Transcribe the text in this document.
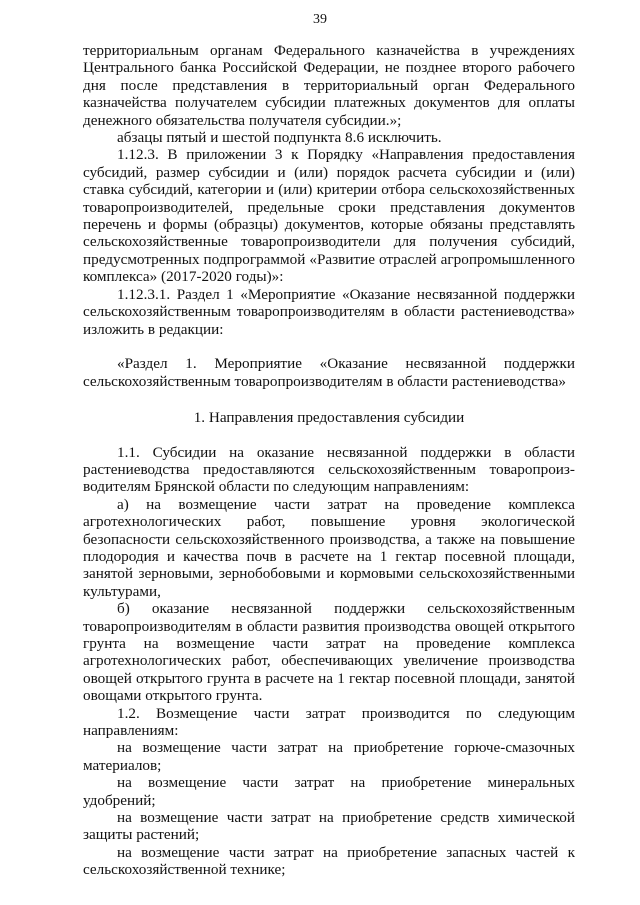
39

территориальным органам Федерального казначейства в учреждениях Центрального банка Российской Федерации, не позднее второго рабочего дня после представления в территориальный орган Федерального казначейства получателем субсидии платежных документов для оплаты денежного обязательства получателя субсидии.»;

абзацы пятый и шестой подпункта 8.6 исключить.

1.12.3. В приложении 3 к Порядку «Направления предоставления субсидий, размер субсидии и (или) порядок расчета субсидии и (или) ставка субсидий, категории и (или) критерии отбора сельскохозяйственных товаропроизводителей, предельные сроки представления документов перечень и формы (образцы) документов, которые обязаны представлять сельскохозяйственные товаропроизводители для получения субсидий, предусмотренных подпрограммой «Развитие отраслей агропромышленного комплекса» (2017-2020 годы)»:

1.12.3.1. Раздел 1 «Мероприятие «Оказание несвязанной поддержки сельскохозяйственным товаропроизводителям в области растениеводства» изложить в редакции:

«Раздел 1. Мероприятие «Оказание несвязанной поддержки сельскохозяйственным товаропроизводителям в области растениеводства»

1. Направления предоставления субсидии

1.1. Субсидии на оказание несвязанной поддержки в области растениеводства предоставляются сельскохозяйственным товаропроиз-водителям Брянской области по следующим направлениям:

а) на возмещение части затрат на проведение комплекса агротехнологических работ, повышение уровня экологической безопасности сельскохозяйственного производства, а также на повышение плодородия и качества почв в расчете на 1 гектар посевной площади, занятой зерновыми, зернобобовыми и кормовыми сельскохозяйственными культурами,

б) оказание несвязанной поддержки сельскохозяйственным товаропроизводителям в области развития производства овощей открытого грунта на возмещение части затрат на проведение комплекса агротехнологических работ, обеспечивающих увеличение производства овощей открытого грунта в расчете на 1 гектар посевной площади, занятой овощами открытого грунта.

1.2. Возмещение части затрат производится по следующим направлениям:

на возмещение части затрат на приобретение горюче-смазочных материалов;

на возмещение части затрат на приобретение минеральных удобрений;

на возмещение части затрат на приобретение средств химической защиты растений;

на возмещение части затрат на приобретение запасных частей к сельскохозяйственной технике;
